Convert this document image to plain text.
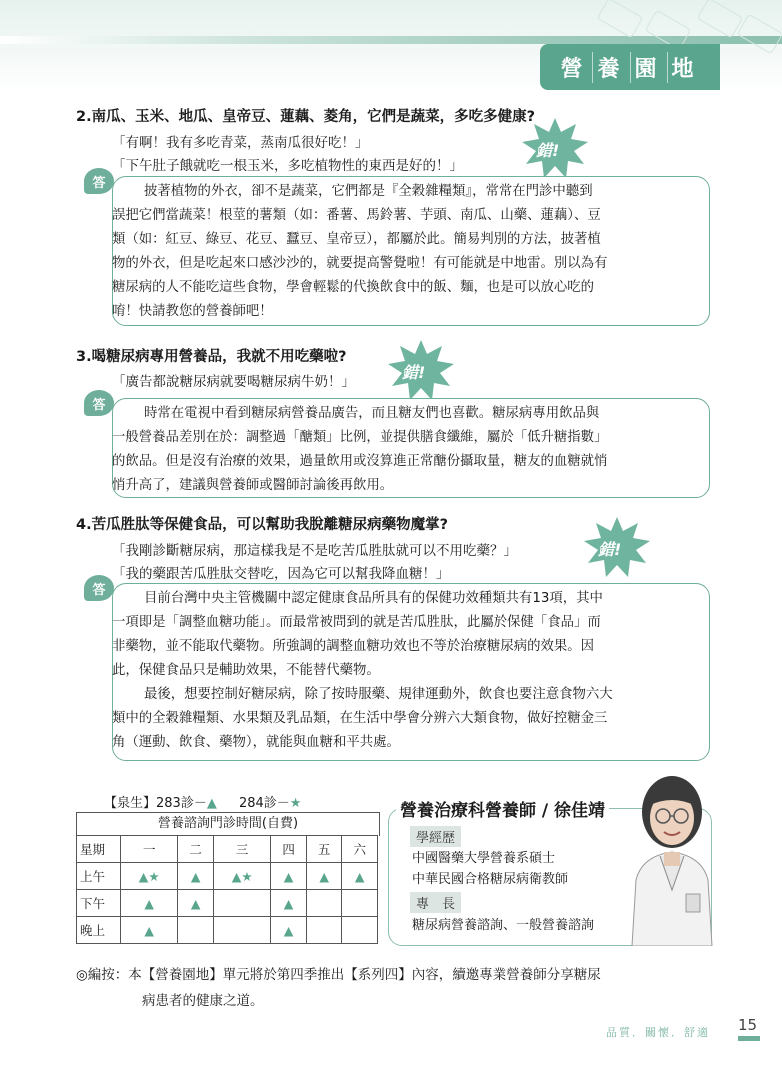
營 養 園 地
2.南瓜、玉米、地瓜、皇帝豆、蓮藕、菱角，它們是蔬菜，多吃多健康?
「有啊！我有多吃青菜，蒸南瓜很好吃！」
「下午肚子餓就吃一根玉米，多吃植物性的東西是好的！」
錯!
答
披著植物的外衣，卻不是蔬菜，它們都是『全穀雜糧類』，常常在門診中聽到
誤把它們當蔬菜！根莖的薯類（如：番薯、馬鈴薯、芋頭、南瓜、山藥、蓮藕）、豆
類（如：紅豆、綠豆、花豆、蠶豆、皇帝豆），都屬於此。簡易判別的方法，披著植
物的外衣，但是吃起來口感沙沙的，就要提高警覺啦！有可能就是中地雷。別以為有
糖尿病的人不能吃這些食物，學會輕鬆的代換飲食中的飯、麵，也是可以放心吃的
唷！快請教您的營養師吧！
3.喝糖尿病專用營養品，我就不用吃藥啦?
「廣告都說糖尿病就要喝糖尿病牛奶！」	錯!
答
時常在電視中看到糖尿病營養品廣告，而且糖友們也喜歡。糖尿病專用飲品與
一般營養品差別在於：調整過「醣類」比例，並提供膳食纖維，屬於「低升糖指數」
的飲品。但是沒有治療的效果，過量飲用或沒算進正常醣份攝取量，糖友的血糖就悄
悄升高了，建議與營養師或醫師討論後再飲用。
4.苦瓜胜肽等保健食品，可以幫助我脫離糖尿病藥物魔掌?
「我剛診斷糖尿病，那這樣我是不是吃苦瓜胜肽就可以不用吃藥？」
「我的藥跟苦瓜胜肽交替吃，因為它可以幫我降血糖！」
錯!
答
目前台灣中央主管機關中認定健康食品所具有的保健功效種類共有13項，其中
一項即是「調整血糖功能」。而最常被問到的就是苦瓜胜肽，此屬於保健「食品」而
非藥物，並不能取代藥物。所強調的調整血糖功效也不等於治療糖尿病的效果。因
此，保健食品只是輔助效果，不能替代藥物。
最後，想要控制好糖尿病，除了按時服藥、規律運動外，飲食也要注意食物六大
類中的全穀雜糧類、水果類及乳品類，在生活中學會分辨六大類食物，做好控糖金三
角（運動、飲食、藥物），就能與血糖和平共處。
【泉生】283診－▲ 284診－★
營養諮詢門診時間(自費)
星期	一	二	三	四	五	六
上午	▲★	▲	▲★	▲	▲	▲
下午	▲	▲		▲		
晚上	▲			▲		
營養治療科營養師 / 徐佳靖
學經歷
中國醫藥大學營養系碩士
中華民國合格糖尿病衛教師
專　長
糖尿病營養諮詢、一般營養諮詢
◎編按：本【營養園地】單元將於第四季推出【系列四】內容，續邀專業營養師分享糖尿
病患者的健康之道。
品質．關懷．舒適 15
